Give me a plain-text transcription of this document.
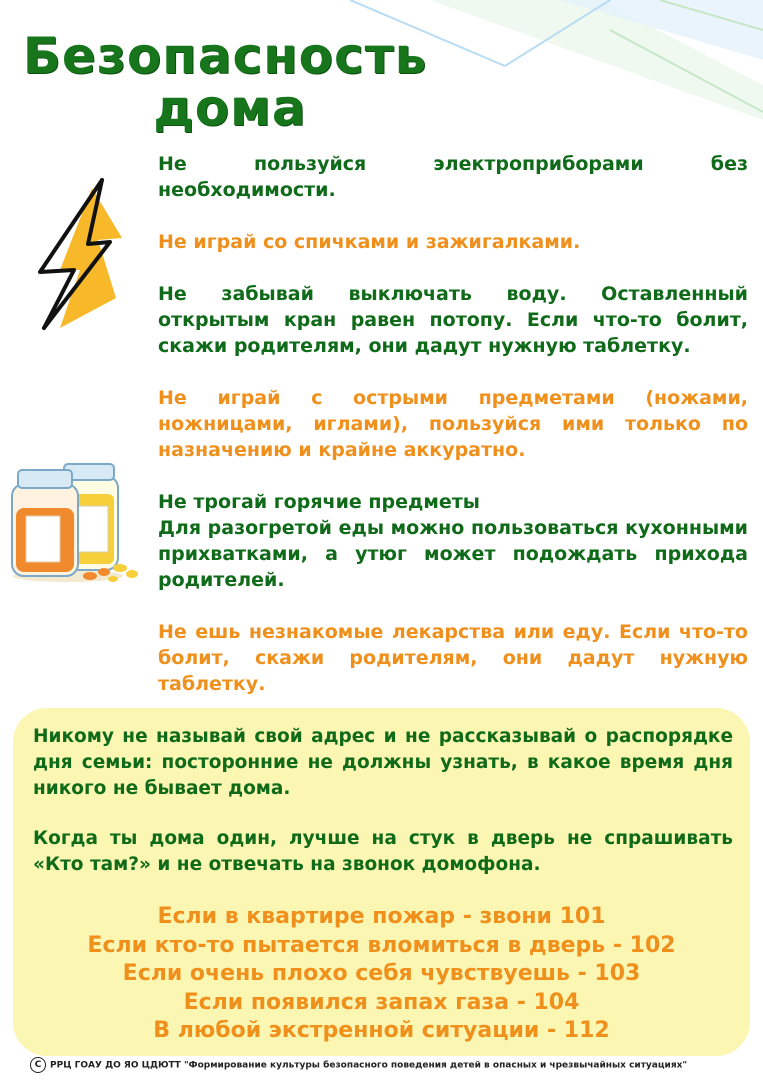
Безопасность
дома

Не пользуйся электроприборами без необходимости.

Не играй со спичками и зажигалками.

Не забывай выключать воду. Оставленный открытым кран равен потопу. Если что-то болит, скажи родителям, они дадут нужную таблетку.

Не играй с острыми предметами (ножами, ножницами, иглами), пользуйся ими только по назначению и крайне аккуратно.

Не трогай горячие предметы

Для разогретой еды можно пользоваться кухонными прихватками, а утюг может подождать прихода родителей.

Не ешь незнакомые лекарства или еду. Если что-то болит, скажи родителям, они дадут нужную таблетку.

Никому не называй свой адрес и не рассказывай о распорядке дня семьи: посторонние не должны узнать, в какое время дня никого не бывает дома.

Когда ты дома один, лучше на стук в дверь не спрашивать «Кто там?» и не отвечать на звонок домофона.

Если в квартире пожар - звони 101
Если кто-то пытается вломиться в дверь - 102
Если очень плохо себя чувствуешь - 103
Если появился запах газа - 104
В любой экстренной ситуации - 112
C РРЦ ГОАУ ДО ЯО ЦДЮТТ "Формирование культуры безопасного поведения детей в опасных и чрезвычайных ситуациях"
